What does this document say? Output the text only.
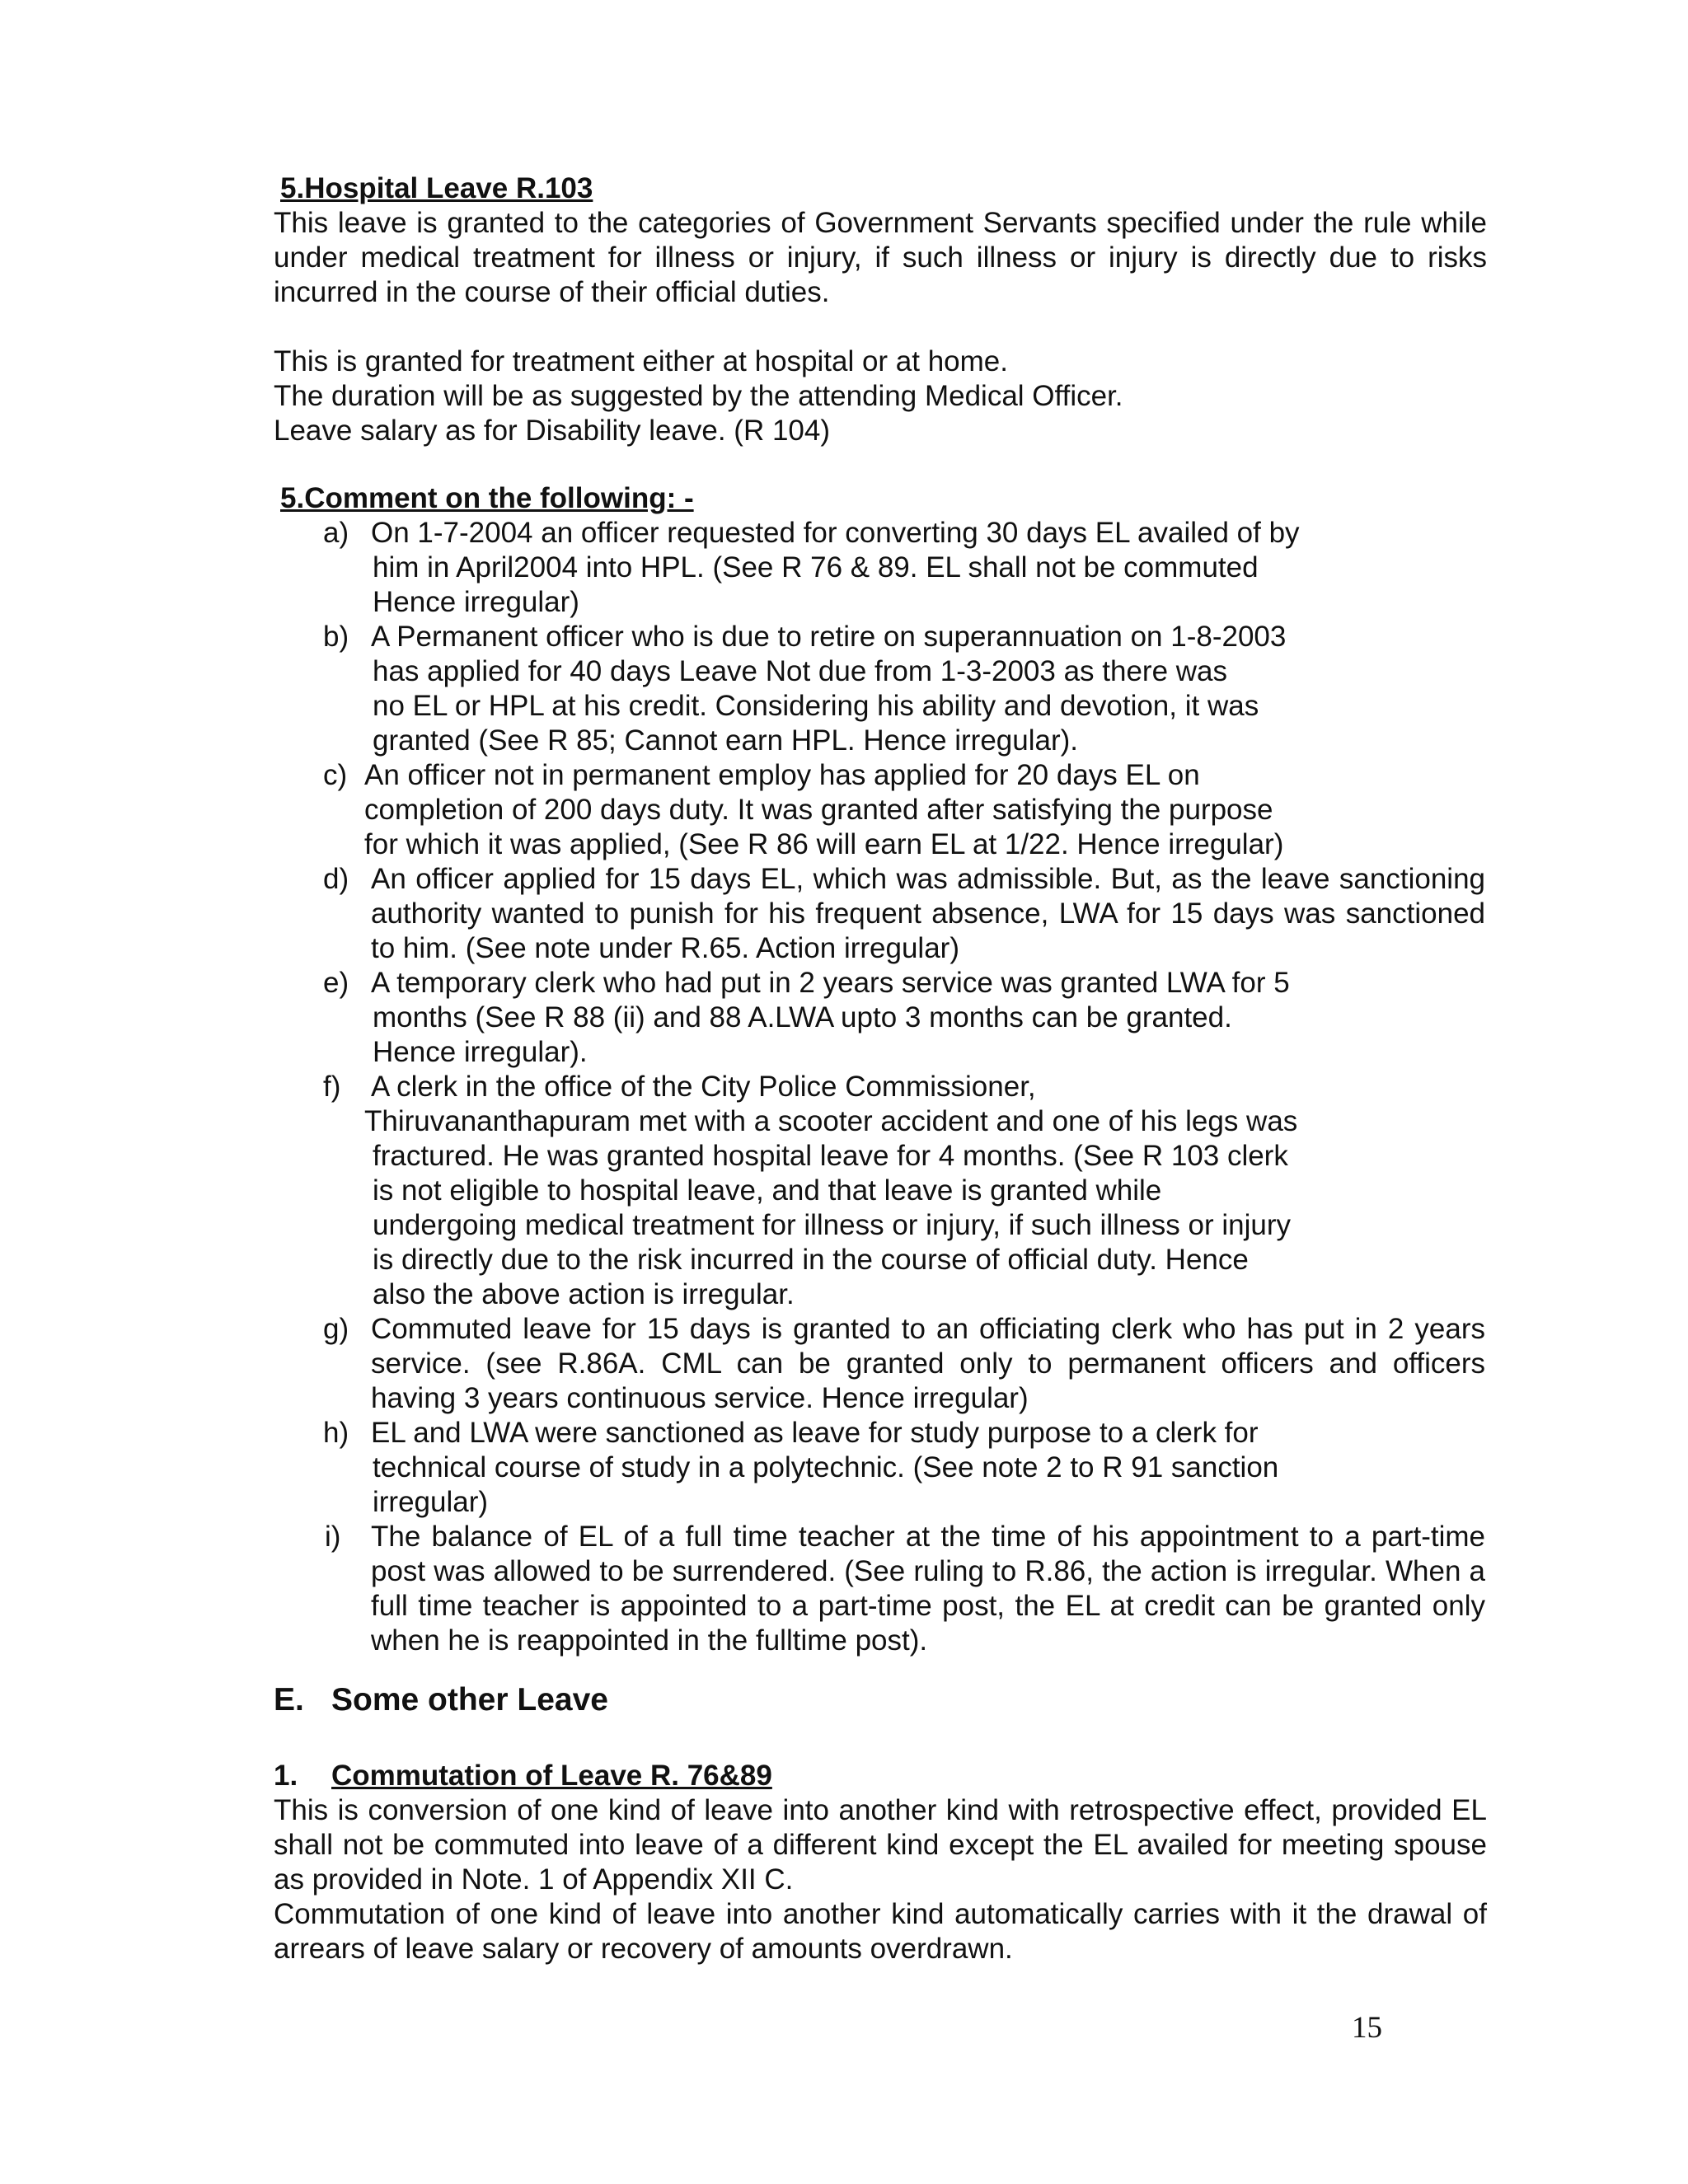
5.Hospital Leave R.103
This leave is granted to the categories of Government Servants specified under the rule while under medical treatment for illness or injury, if such illness or injury is directly due to risks incurred in the course of their official duties.
This is granted for treatment either at hospital or at home.
The duration will be as suggested by the attending Medical Officer.
Leave salary as for Disability leave. (R 104)
5.Comment on the following: -
a) On 1-7-2004 an officer requested for converting 30 days EL availed of by
him in April2004 into HPL. (See R 76 & 89. EL shall not be commuted
Hence irregular)
b) A Permanent officer who is due to retire on superannuation on 1-8-2003
has applied for 40 days Leave Not due from 1-3-2003 as there was
no EL or HPL at his credit. Considering his ability and devotion, it was
granted (See R 85; Cannot earn HPL. Hence irregular).
c) An officer not in permanent employ has applied for 20 days EL on
completion of 200 days duty. It was granted after satisfying the purpose
for which it was applied, (See R 86 will earn EL at 1/22. Hence irregular)
d) An officer applied for 15 days EL, which was admissible. But, as the leave sanctioning authority wanted to punish for his frequent absence, LWA for 15 days was sanctioned to him. (See note under R.65. Action irregular)
e) A temporary clerk who had put in 2 years service was granted LWA for 5
months (See R 88 (ii) and 88 A.LWA upto 3 months can be granted.
Hence irregular).
f) A clerk in the office of the City Police Commissioner,
Thiruvananthapuram met with a scooter accident and one of his legs was
fractured. He was granted hospital leave for 4 months. (See R 103 clerk
is not eligible to hospital leave, and that leave is granted while
undergoing medical treatment for illness or injury, if such illness or injury
is directly due to the risk incurred in the course of official duty. Hence
also the above action is irregular.
g) Commuted leave for 15 days is granted to an officiating clerk who has put in 2 years service. (see R.86A. CML can be granted only to permanent officers and officers having 3 years continuous service. Hence irregular)
h) EL and LWA were sanctioned as leave for study purpose to a clerk for
technical course of study in a polytechnic. (See note 2 to R 91 sanction
irregular)
i) The balance of EL of a full time teacher at the time of his appointment to a part-time post was allowed to be surrendered. (See ruling to R.86, the action is irregular. When a full time teacher is appointed to a part-time post, the EL at credit can be granted only when he is reappointed in the fulltime post).
E. Some other Leave
1. Commutation of Leave R. 76&89
This is conversion of one kind of leave into another kind with retrospective effect, provided EL shall not be commuted into leave of a different kind except the EL availed for meeting spouse as provided in Note. 1 of Appendix XII C.
Commutation of one kind of leave into another kind automatically carries with it the drawal of arrears of leave salary or recovery of amounts overdrawn.
15
